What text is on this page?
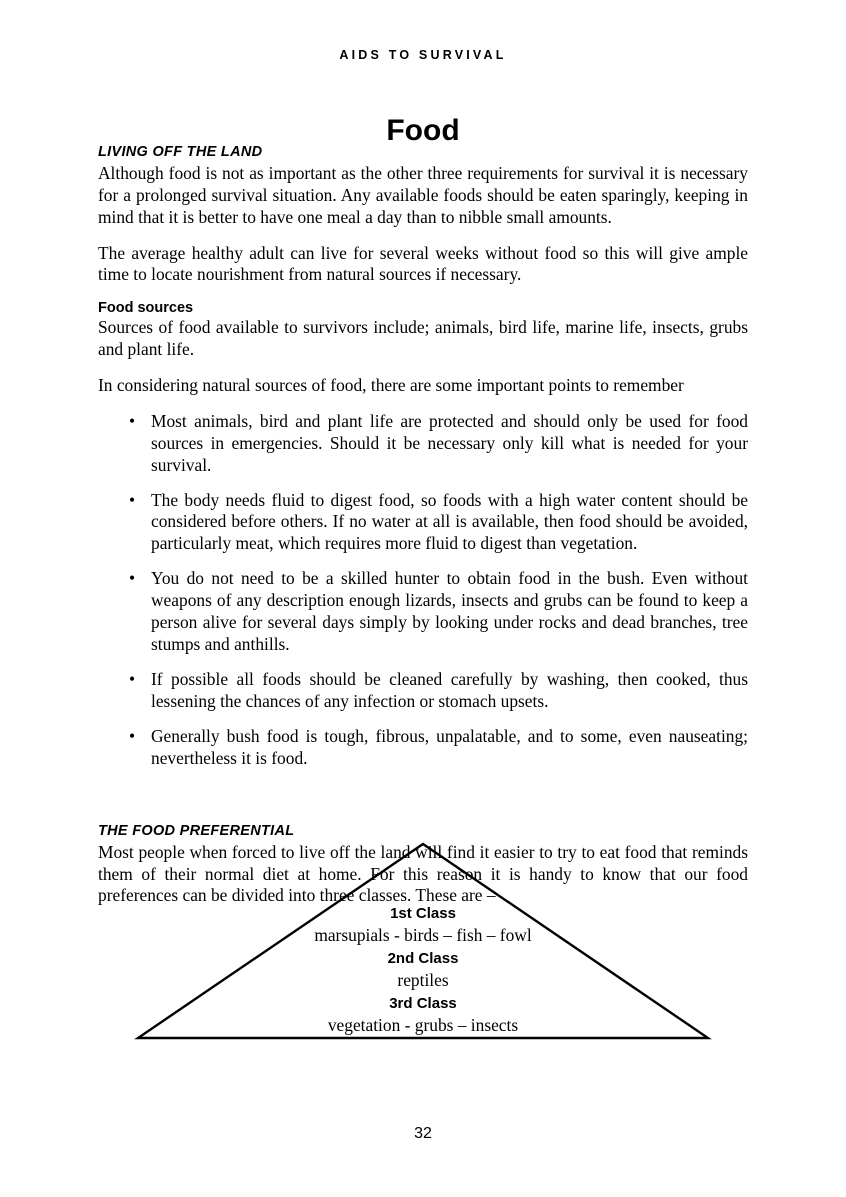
AIDS TO SURVIVAL
Food
LIVING OFF THE LAND

Although food is not as important as the other three requirements for survival it is necessary for a prolonged survival situation. Any available foods should be eaten sparingly, keeping in mind that it is better to have one meal a day than to nibble small amounts.

The average healthy adult can live for several weeks without food so this will give ample time to locate nourishment from natural sources if necessary.

Food sources

Sources of food available to survivors include; animals, bird life, marine life, insects, grubs and plant life.

In considering natural sources of food, there are some important points to remember

• Most animals, bird and plant life are protected and should only be used for food sources in emergencies. Should it be necessary only kill what is needed for your survival.
• The body needs fluid to digest food, so foods with a high water content should be considered before others. If no water at all is available, then food should be avoided, particularly meat, which requires more fluid to digest than vegetation.
• You do not need to be a skilled hunter to obtain food in the bush. Even without weapons of any description enough lizards, insects and grubs can be found to keep a person alive for several days simply by looking under rocks and dead branches, tree stumps and anthills.
• If possible all foods should be cleaned carefully by washing, then cooked, thus lessening the chances of any infection or stomach upsets.
• Generally bush food is tough, fibrous, unpalatable, and to some, even nauseating; nevertheless it is food.
THE FOOD PREFERENTIAL

Most people when forced to live off the land will find it easier to try to eat food that reminds them of their normal diet at home. For this reason it is handy to know that our food preferences can be divided into three classes. These are –

1st Class
marsupials - birds – fish – fowl
2nd Class
reptiles
3rd Class
vegetation - grubs – insects
32
